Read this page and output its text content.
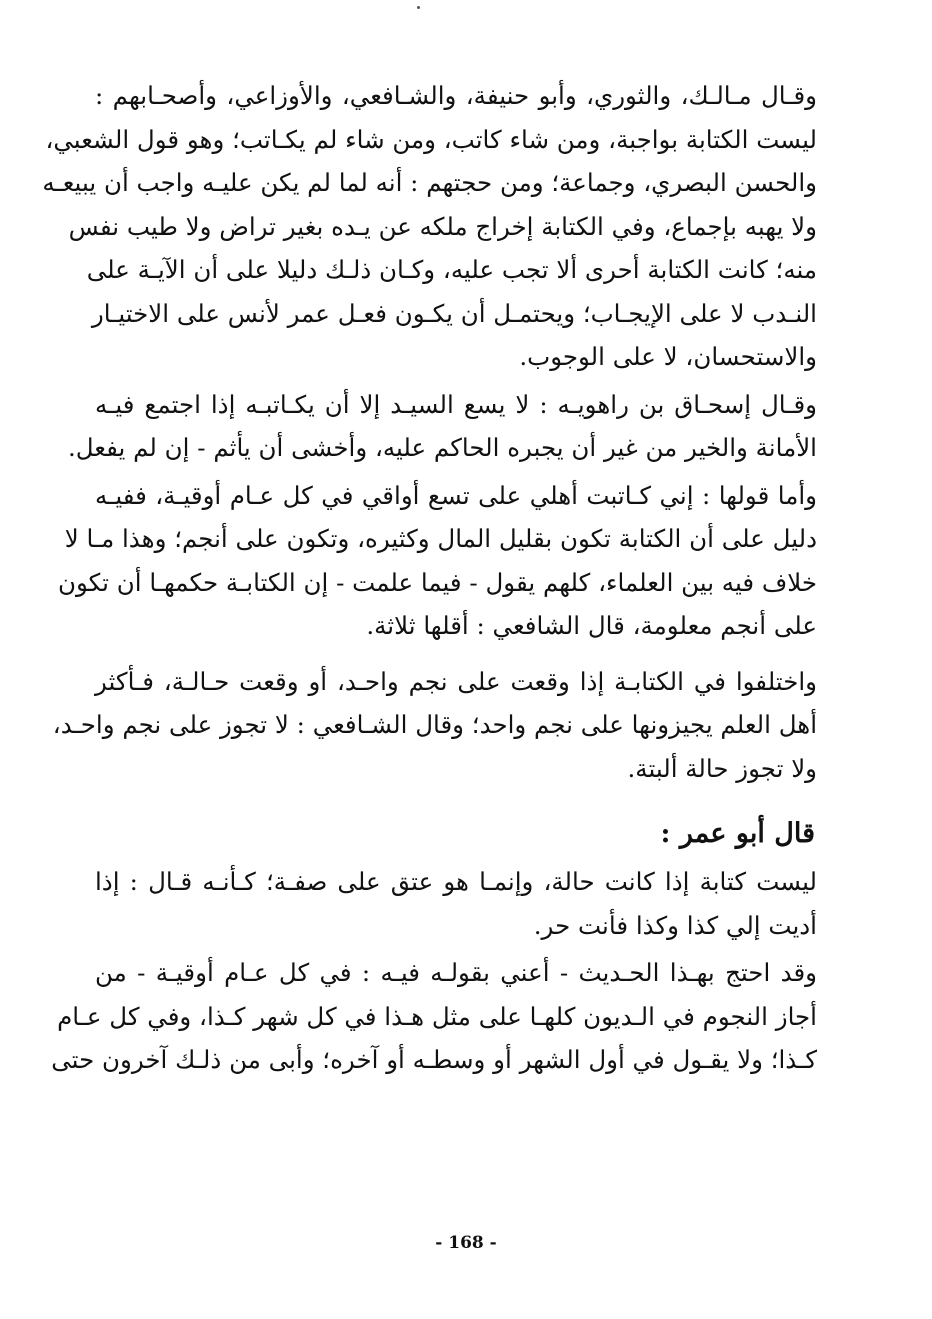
وقـال مـالـك، والثوري، وأبو حنيفة، والشـافعي، والأوزاعي، وأصحـابهم :
ليست الكتابة بواجبة، ومن شاء كاتب، ومن شاء لم يكـاتب؛ وهو قول الشعبي،
والحسن البصري، وجماعة؛ ومن حجتهم : أنه لما لم يكن عليـه واجب أن يبيعـه
ولا يهبه بإجماع، وفي الكتابة إخراج ملكه عن يـده بغير تراض ولا طيب نفس
منه؛ كانت الكتابة أحرى ألا تجب عليه، وكـان ذلـك دليلا على أن الآيـة على
النـدب لا على الإيجـاب؛ ويحتمـل أن يكـون فعـل عمر لأنس على الاختيـار
والاستحسان، لا على الوجوب.

وقـال إسحـاق بن راهويـه : لا يسع السيـد إلا أن يكـاتبـه إذا اجتمع فيـه
الأمانة والخير من غير أن يجبره الحاكم عليه، وأخشى أن يأثم - إن لم يفعل.

وأما قولها : إني كـاتبت أهلي على تسع أواقي في كل عـام أوقيـة، ففيـه
دليل على أن الكتابة تكون بقليل المال وكثيره، وتكون على أنجم؛ وهذا مـا لا
خلاف فيه بين العلماء، كلهم يقول - فيما علمت - إن الكتابـة حكمهـا أن تكون
على أنجم معلومة، قال الشافعي : أقلها ثلاثة.

واختلفوا في الكتابـة إذا وقعت على نجم واحـد، أو وقعت حـالـة، فـأكثر
أهل العلم يجيزونها على نجم واحد؛ وقال الشـافعي : لا تجوز على نجم واحـد،
ولا تجوز حالة ألبتة.

قال أبو عمر :

ليست كتابة إذا كانت حالة، وإنمـا هو عتق على صفـة؛ كـأنـه قـال : إذا
أديت إلي كذا وكذا فأنت حر.

وقد احتج بهـذا الحـديث - أعني بقولـه فيـه : في كل عـام أوقيـة - من
أجاز النجوم في الـديون كلهـا على مثل هـذا في كل شهر كـذا، وفي كل عـام
كـذا؛ ولا يقـول في أول الشهر أو وسطـه أو آخره؛ وأبى من ذلـك آخرون حتى

- 168 -
